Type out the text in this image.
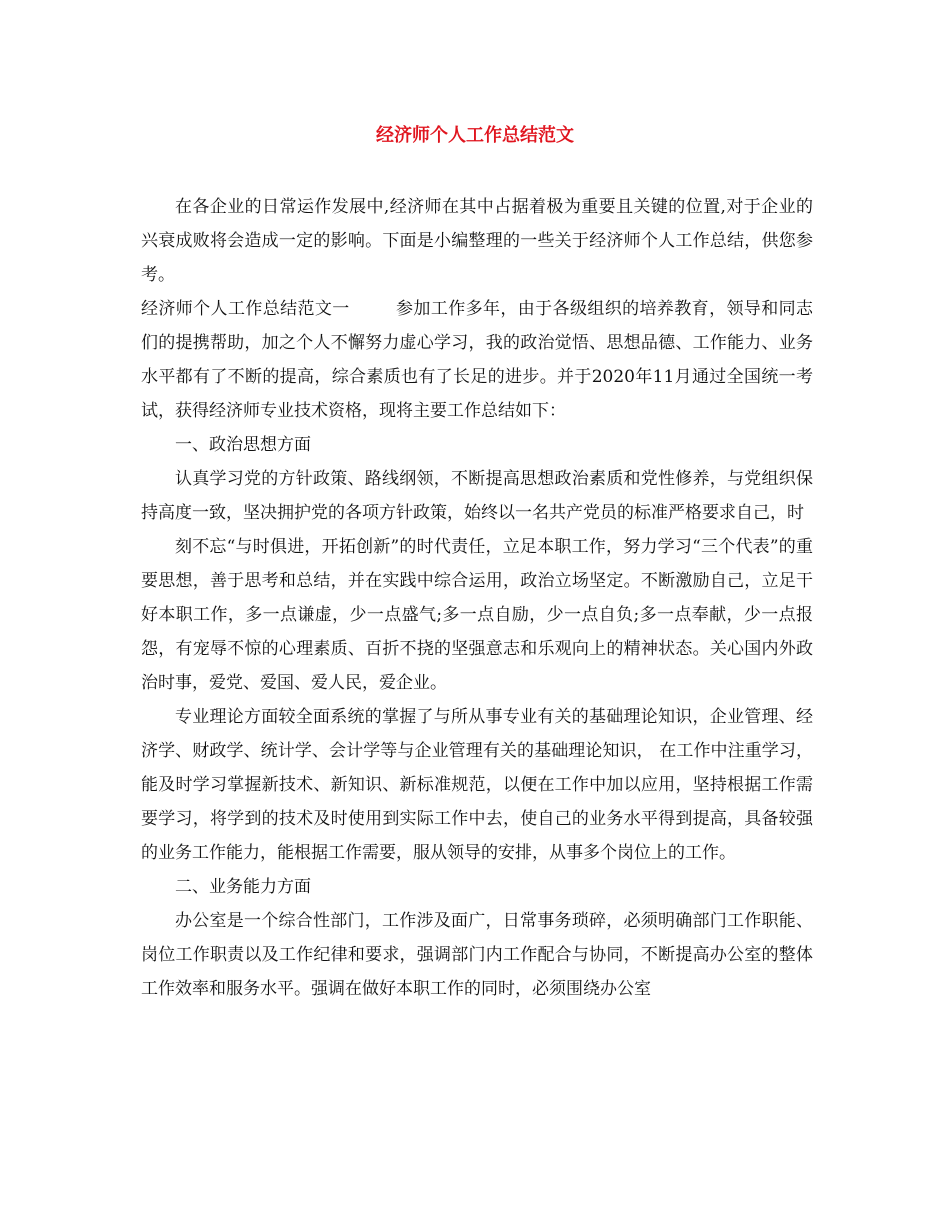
经济师个人工作总结范文

在各企业的日常运作发展中,经济师在其中占据着极为重要且关键的位置,对于企业的兴衰成败将会造成一定的影响。下面是小编整理的一些关于经济师个人工作总结，供您参考。

经济师个人工作总结范文一	参加工作多年，由于各级组织的培养教育，领导和同志们的提携帮助，加之个人不懈努力虚心学习，我的政治觉悟、思想品德、工作能力、业务水平都有了不断的提高，综合素质也有了长足的进步。并于2020年11月通过全国统一考试，获得经济师专业技术资格，现将主要工作总结如下：

一、政治思想方面

认真学习党的方针政策、路线纲领，不断提高思想政治素质和党性修养，与党组织保持高度一致，坚决拥护党的各项方针政策，始终以一名共产党员的标准严格要求自己，时

刻不忘“与时俱进，开拓创新”的时代责任，立足本职工作，努力学习“三个代表”的重要思想，善于思考和总结，并在实践中综合运用，政治立场坚定。不断激励自己，立足干好本职工作，多一点谦虚，少一点盛气;多一点自励，少一点自负;多一点奉献，少一点报怨，有宠辱不惊的心理素质、百折不挠的坚强意志和乐观向上的精神状态。关心国内外政治时事，爱党、爱国、爱人民，爱企业。

专业理论方面较全面系统的掌握了与所从事专业有关的基础理论知识，企业管理、经济学、财政学、统计学、会计学等与企业管理有关的基础理论知识， 在工作中注重学习，能及时学习掌握新技术、新知识、新标准规范，以便在工作中加以应用，坚持根据工作需要学习，将学到的技术及时使用到实际工作中去，使自己的业务水平得到提高，具备较强的业务工作能力，能根据工作需要，服从领导的安排，从事多个岗位上的工作。

二、业务能力方面

办公室是一个综合性部门，工作涉及面广，日常事务琐碎，必须明确部门工作职能、岗位工作职责以及工作纪律和要求，强调部门内工作配合与协同，不断提高办公室的整体工作效率和服务水平。强调在做好本职工作的同时，必须围绕办公室
